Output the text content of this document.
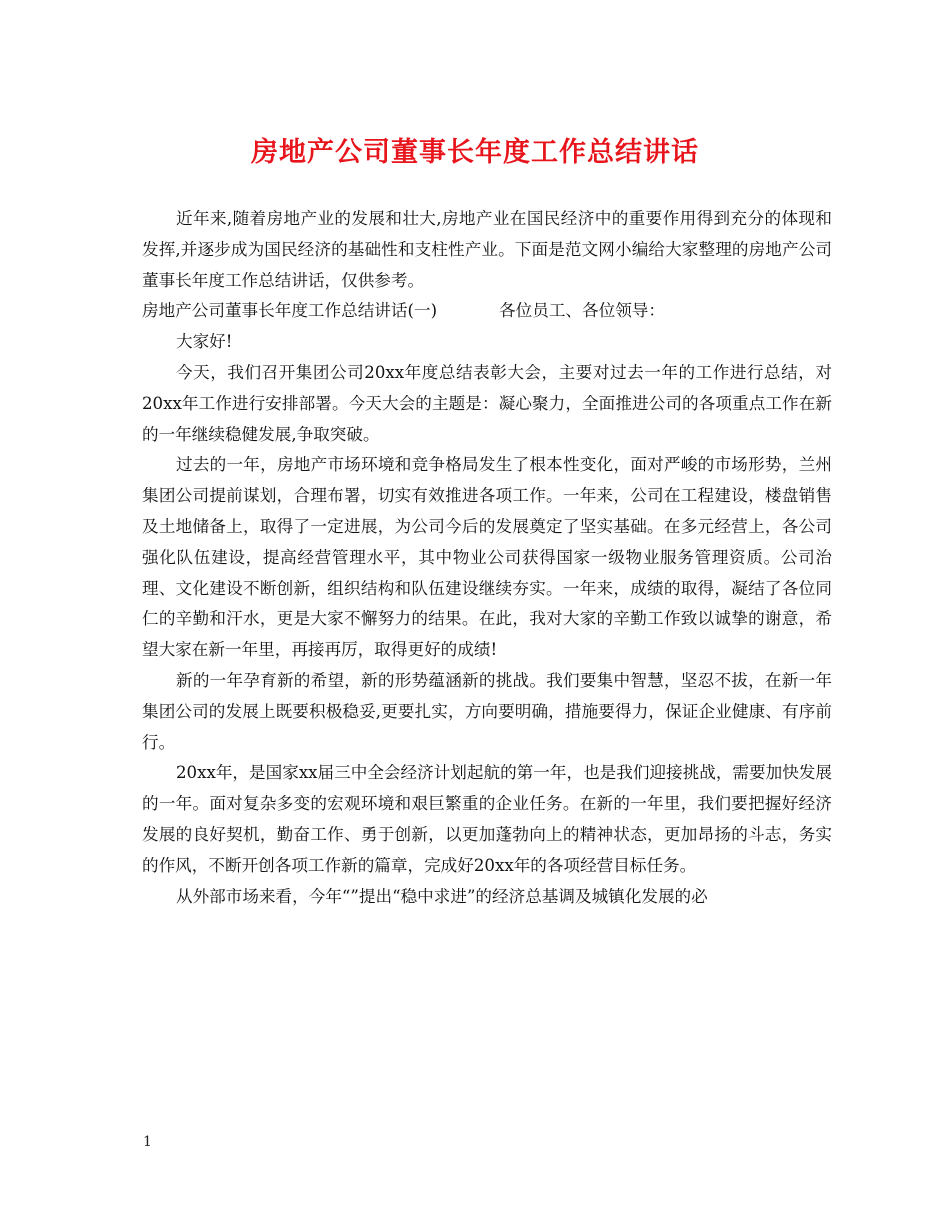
房地产公司董事长年度工作总结讲话

近年来,随着房地产业的发展和壮大,房地产业在国民经济中的重要作用得到充分的体现和发挥,并逐步成为国民经济的基础性和支柱性产业。下面是范文网小编给大家整理的房地产公司董事长年度工作总结讲话，仅供参考。

房地产公司董事长年度工作总结讲话(一)	各位员工、各位领导：

大家好!

今天，我们召开集团公司20xx年度总结表彰大会，主要对过去一年的工作进行总结，对20xx年工作进行安排部署。今天大会的主题是：凝心聚力，全面推进公司的各项重点工作在新的一年继续稳健发展,争取突破。

过去的一年，房地产市场环境和竞争格局发生了根本性变化，面对严峻的市场形势，兰州集团公司提前谋划，合理布署，切实有效推进各项工作。一年来，公司在工程建设，楼盘销售及土地储备上，取得了一定进展，为公司今后的发展奠定了坚实基础。在多元经营上，各公司强化队伍建设，提高经营管理水平，其中物业公司获得国家一级物业服务管理资质。公司治理、文化建设不断创新，组织结构和队伍建设继续夯实。一年来，成绩的取得，凝结了各位同仁的辛勤和汗水，更是大家不懈努力的结果。在此，我对大家的辛勤工作致以诚挚的谢意，希望大家在新一年里，再接再厉，取得更好的成绩!

新的一年孕育新的希望，新的形势蕴涵新的挑战。我们要集中智慧，坚忍不拔，在新一年集团公司的发展上既要积极稳妥,更要扎实，方向要明确，措施要得力，保证企业健康、有序前行。

20xx年，是国家xx届三中全会经济计划起航的第一年，也是我们迎接挑战，需要加快发展的一年。面对复杂多变的宏观环境和艰巨繁重的企业任务。在新的一年里，我们要把握好经济发展的良好契机，勤奋工作、勇于创新，以更加蓬勃向上的精神状态，更加昂扬的斗志，务实的作风，不断开创各项工作新的篇章，完成好20xx年的各项经营目标任务。

从外部市场来看，今年“”提出“稳中求进”的经济总基调及城镇化发展的必

1
